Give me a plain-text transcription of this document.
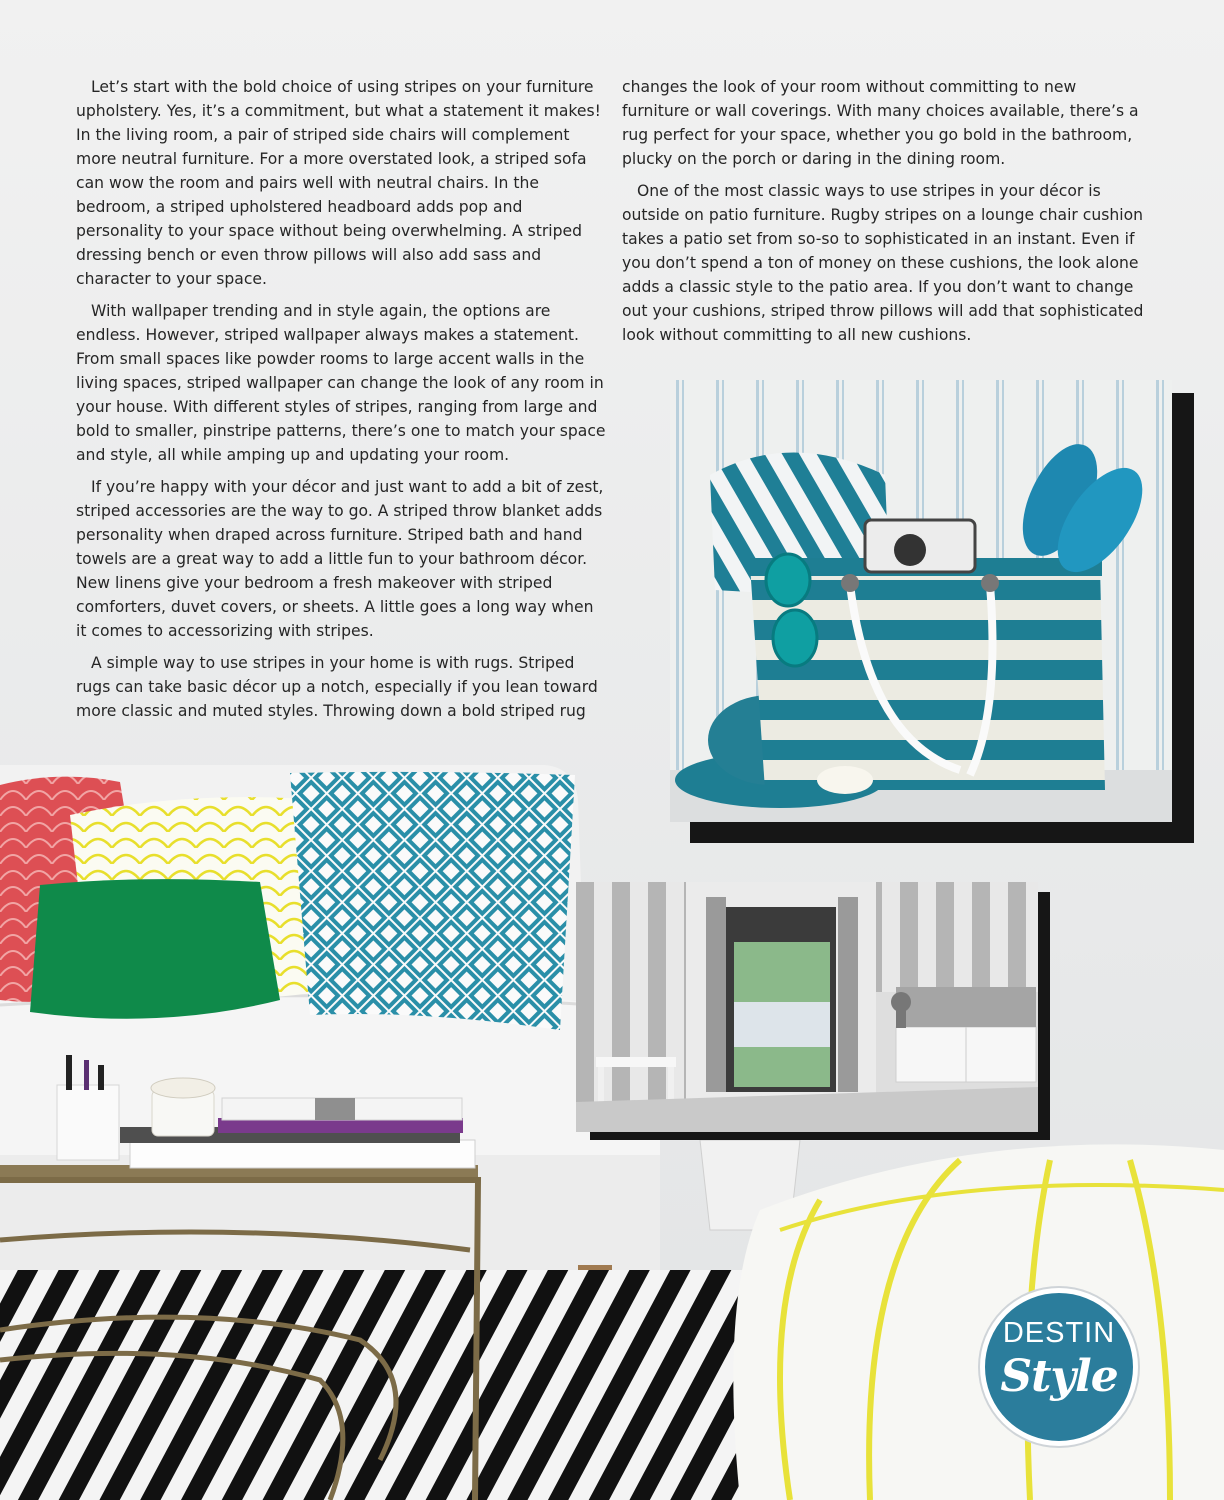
Let’s start with the bold choice of using stripes on your furniture upholstery. Yes, it’s a commitment, but what a statement it makes! In the living room, a pair of striped side chairs will complement more neutral furniture. For a more overstated look, a striped sofa can wow the room and pairs well with neutral chairs. In the bedroom, a striped upholstered headboard adds pop and personality to your space without being overwhelming. A striped dressing bench or even throw pillows will also add sass and character to your space.

With wallpaper trending and in style again, the options are endless. However, striped wallpaper always makes a statement. From small spaces like powder rooms to large accent walls in the living spaces, striped wallpaper can change the look of any room in your house. With different styles of stripes, ranging from large and bold to smaller, pinstripe patterns, there’s one to match your space and style, all while amping up and updating your room.

If you’re happy with your décor and just want to add a bit of zest, striped accessories are the way to go. A striped throw blanket adds personality when draped across furniture. Striped bath and hand towels are a great way to add a little fun to your bathroom décor. New linens give your bedroom a fresh makeover with striped comforters, duvet covers, or sheets. A little goes a long way when it comes to accessorizing with stripes.

A simple way to use stripes in your home is with rugs. Striped rugs can take basic décor up a notch, especially if you lean toward more classic and muted styles. Throwing down a bold striped rug

changes the look of your room without committing to new furniture or wall coverings. With many choices available, there’s a rug perfect for your space, whether you go bold in the bathroom, plucky on the porch or daring in the dining room.

One of the most classic ways to use stripes in your décor is outside on patio furniture. Rugby stripes on a lounge chair cushion takes a patio set from so-so to sophisticated in an instant. Even if you don’t spend a ton of money on these cushions, the look alone adds a classic style to the patio area. If you don’t want to change out your cushions, striped throw pillows will add that sophisticated look without committing to all new cushions.

DESTIN
Style
